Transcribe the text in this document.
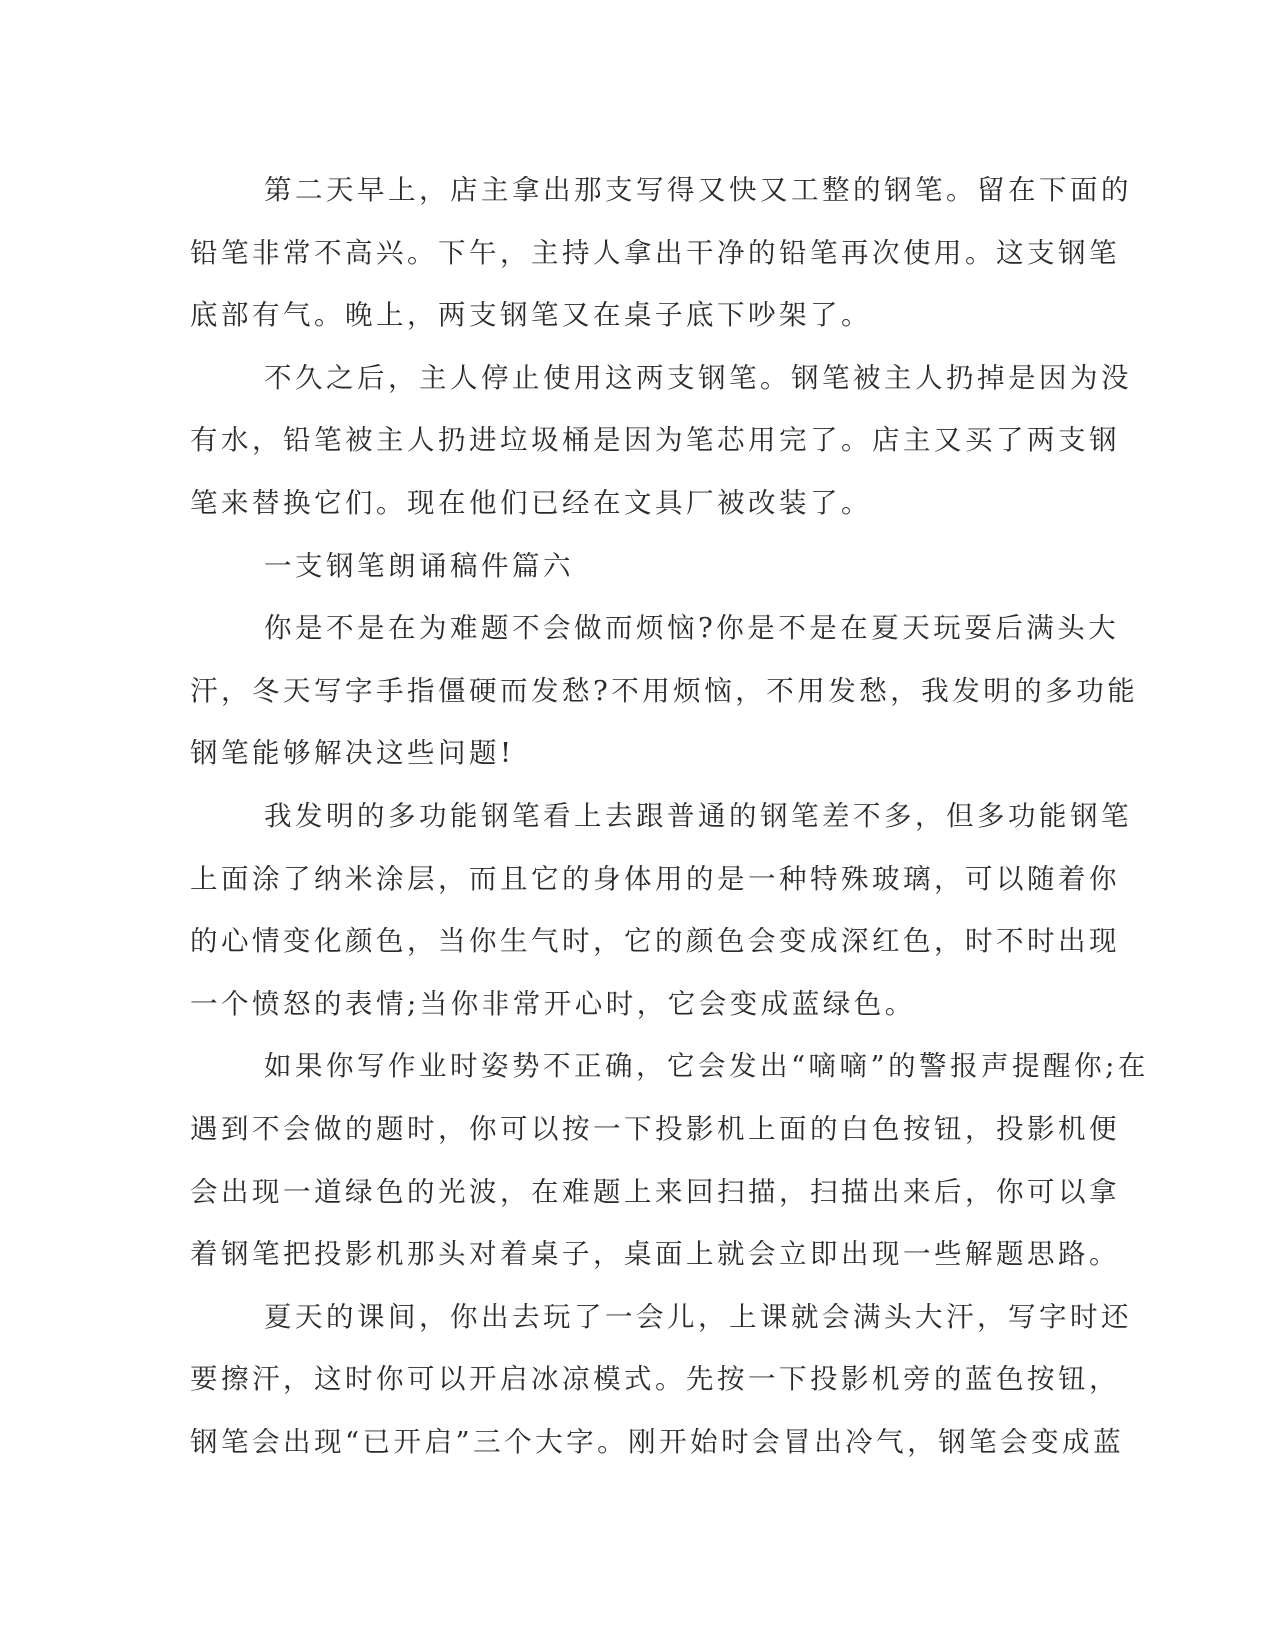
第二天早上，店主拿出那支写得又快又工整的钢笔。留在下面的
铅笔非常不高兴。下午，主持人拿出干净的铅笔再次使用。这支钢笔
底部有气。晚上，两支钢笔又在桌子底下吵架了。

不久之后，主人停止使用这两支钢笔。钢笔被主人扔掉是因为没
有水，铅笔被主人扔进垃圾桶是因为笔芯用完了。店主又买了两支钢
笔来替换它们。现在他们已经在文具厂被改装了。

一支钢笔朗诵稿件篇六

你是不是在为难题不会做而烦恼?你是不是在夏天玩耍后满头大
汗，冬天写字手指僵硬而发愁?不用烦恼，不用发愁，我发明的多功能
钢笔能够解决这些问题!

我发明的多功能钢笔看上去跟普通的钢笔差不多，但多功能钢笔
上面涂了纳米涂层，而且它的身体用的是一种特殊玻璃，可以随着你
的心情变化颜色，当你生气时，它的颜色会变成深红色，时不时出现
一个愤怒的表情;当你非常开心时，它会变成蓝绿色。

如果你写作业时姿势不正确，它会发出“嘀嘀”的警报声提醒你;在
遇到不会做的题时，你可以按一下投影机上面的白色按钮，投影机便
会出现一道绿色的光波，在难题上来回扫描，扫描出来后，你可以拿
着钢笔把投影机那头对着桌子，桌面上就会立即出现一些解题思路。

夏天的课间，你出去玩了一会儿，上课就会满头大汗，写字时还
要擦汗，这时你可以开启冰凉模式。先按一下投影机旁的蓝色按钮，
钢笔会出现“已开启”三个大字。刚开始时会冒出冷气，钢笔会变成蓝
